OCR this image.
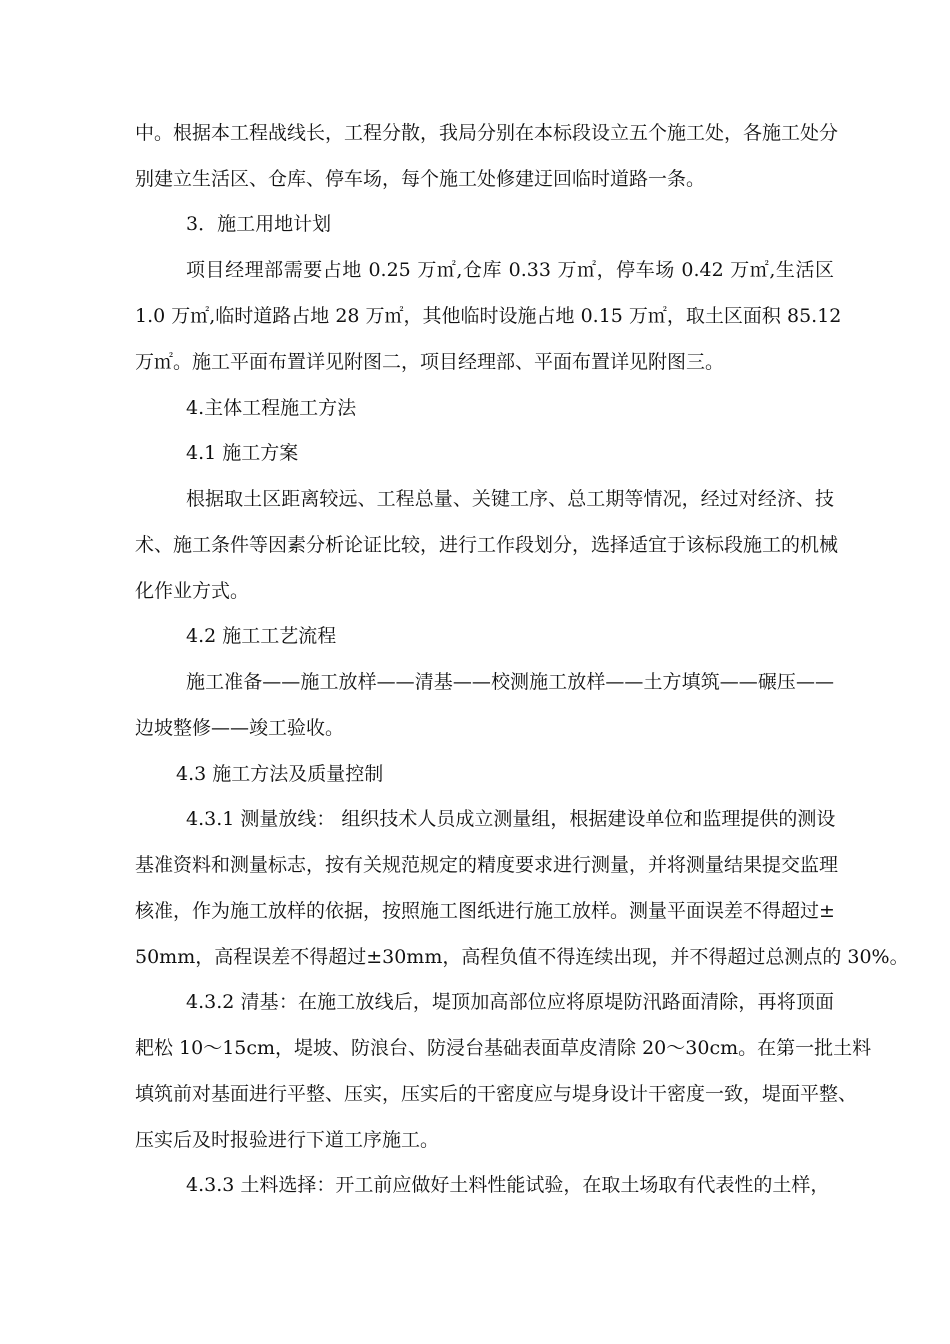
中。根据本工程战线长，工程分散，我局分别在本标段设立五个施工处，各施工处分
别建立生活区、仓库、停车场，每个施工处修建迂回临时道路一条。
3．施工用地计划
项目经理部需要占地 0.25 万㎡,仓库 0.33 万㎡，停车场 0.42 万㎡,生活区
1.0 万㎡,临时道路占地 28 万㎡，其他临时设施占地 0.15 万㎡，取土区面积 85.12
万㎡。施工平面布置详见附图二，项目经理部、平面布置详见附图三。
4.主体工程施工方法
4.1 施工方案
根据取土区距离较远、工程总量、关键工序、总工期等情况，经过对经济、技
术、施工条件等因素分析论证比较，进行工作段划分，选择适宜于该标段施工的机械
化作业方式。
4.2 施工工艺流程
施工准备——施工放样——清基——校测施工放样——土方填筑——碾压——
边坡整修——竣工验收。
4.3 施工方法及质量控制
4.3.1 测量放线： 组织技术人员成立测量组，根据建设单位和监理提供的测设
基准资料和测量标志，按有关规范规定的精度要求进行测量，并将测量结果提交监理
核准，作为施工放样的依据，按照施工图纸进行施工放样。测量平面误差不得超过±
50mm，高程误差不得超过±30mm，高程负值不得连续出现，并不得超过总测点的 30%。
4.3.2 清基：在施工放线后，堤顶加高部位应将原堤防汛路面清除，再将顶面
耙松 10～15cm，堤坡、防浪台、防浸台基础表面草皮清除 20～30cm。在第一批土料
填筑前对基面进行平整、压实，压实后的干密度应与堤身设计干密度一致，堤面平整、
压实后及时报验进行下道工序施工。
4.3.3 土料选择：开工前应做好土料性能试验，在取土场取有代表性的土样，
